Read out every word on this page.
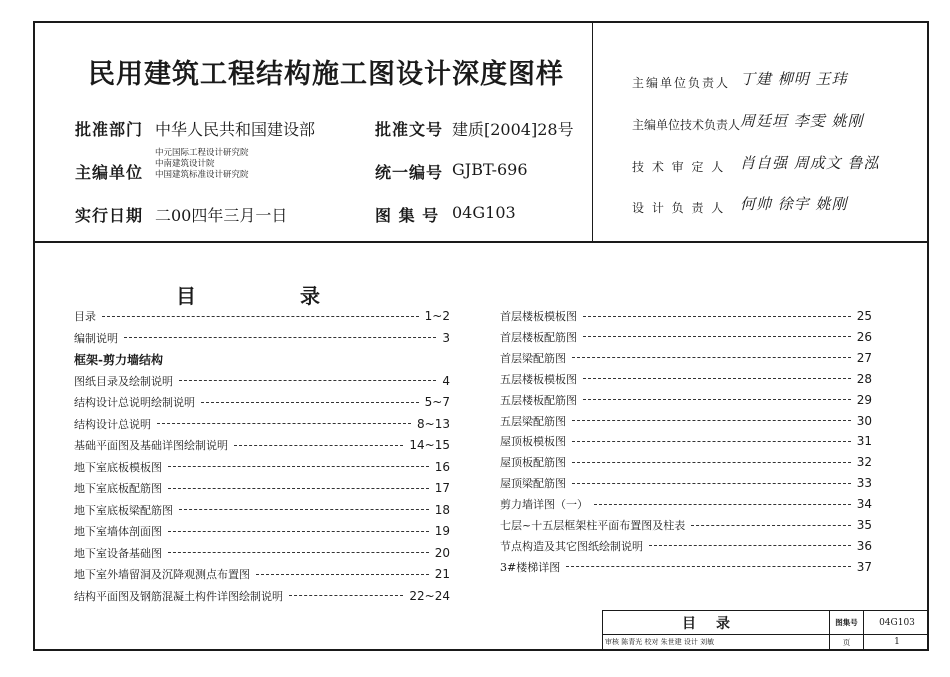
民用建筑工程结构施工图设计深度图样
批准部门 中华人民共和国建设部	批准文号 建质[2004]28号
主编单位
中元国际工程设计研究院
中南建筑设计院
中国建筑标准设计研究院	统一编号 GJBT-696
实行日期 二00四年三月一日	图 集 号 04G103
主编单位负责人 丁建 柳明 王玮
主编单位技术负责人 周廷垣 李雯 姚刚
技 术 审 定 人 肖自强 周成文 鲁泓
设 计 负 责 人 何帅 徐宇 姚刚
目	录
目录	1~2
编制说明	3
框架-剪力墙结构
图纸目录及绘制说明	4
结构设计总说明绘制说明	5~7
结构设计总说明	8~13
基础平面图及基础详图绘制说明	14~15
地下室底板模板图	16
地下室底板配筋图	17
地下室底板梁配筋图	18
地下室墙体剖面图	19
地下室设备基础图	20
地下室外墙留洞及沉降观测点布置图	21
结构平面图及钢筋混凝土构件详图绘制说明	22~24
首层楼板模板图	25
首层楼板配筋图	26
首层梁配筋图	27
五层楼板模板图	28
五层楼板配筋图	29
五层梁配筋图	30
屋顶板模板图	31
屋顶板配筋图	32
屋顶梁配筋图	33
剪力墙详图（一）	34
七层~十五层框架柱平面布置图及柱表	35
节点构造及其它图纸绘制说明	36
3#楼梯详图	37
目录	图集号	04G103
审核 陈青光 校对 朱世建 设计 刘敏	页	1
